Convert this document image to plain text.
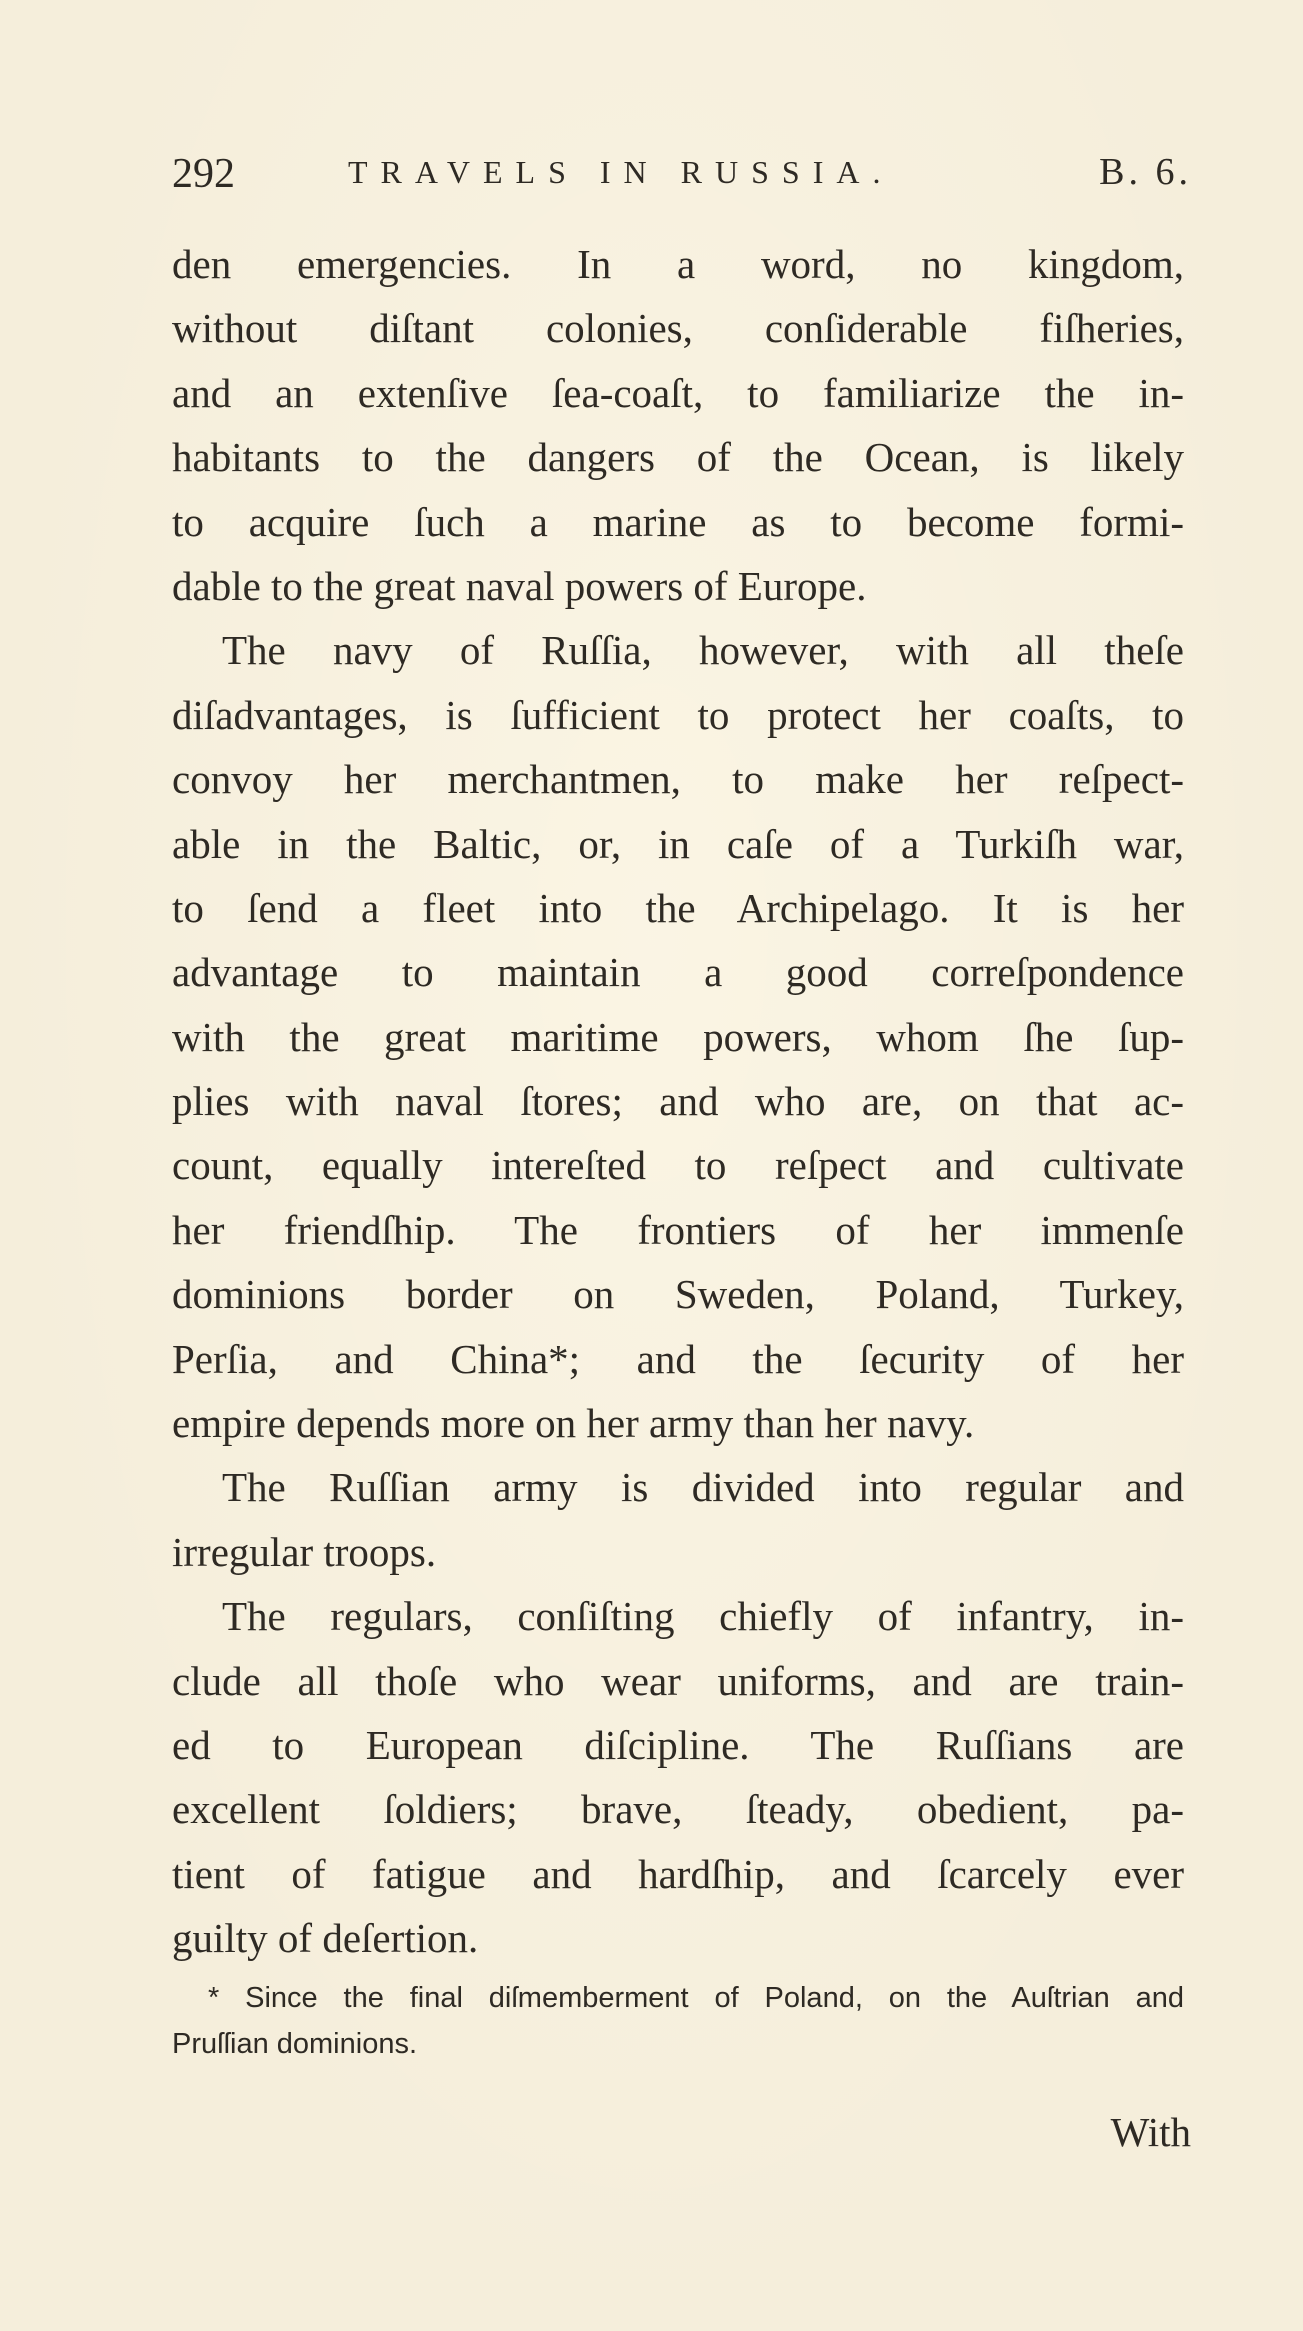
292	TRAVELS IN RUSSIA.	B. 6.
den emergencies. In a word, no kingdom,
without diſtant colonies, conſiderable fiſheries,
and an extenſive ſea-coaſt, to familiarize the in-
habitants to the dangers of the Ocean, is likely
to acquire ſuch a marine as to become formi-
dable to the great naval powers of Europe.
The navy of Ruſſia, however, with all theſe
diſadvantages, is ſufficient to protect her coaſts, to
convoy her merchantmen, to make her reſpect-
able in the Baltic, or, in caſe of a Turkiſh war,
to ſend a fleet into the Archipelago. It is her
advantage to maintain a good correſpondence
with the great maritime powers, whom ſhe ſup-
plies with naval ſtores; and who are, on that ac-
count, equally intereſted to reſpect and cultivate
her friendſhip. The frontiers of her immenſe
dominions border on Sweden, Poland, Turkey,
Perſia, and China*; and the ſecurity of her
empire depends more on her army than her navy.
The Ruſſian army is divided into regular and
irregular troops.
The regulars, conſiſting chiefly of infantry, in-
clude all thoſe who wear uniforms, and are train-
ed to European diſcipline. The Ruſſians are
excellent ſoldiers; brave, ſteady, obedient, pa-
tient of fatigue and hardſhip, and ſcarcely ever
guilty of deſertion.
* Since the final diſmemberment of Poland, on the Auſtrian and
Pruſſian dominions.
With
